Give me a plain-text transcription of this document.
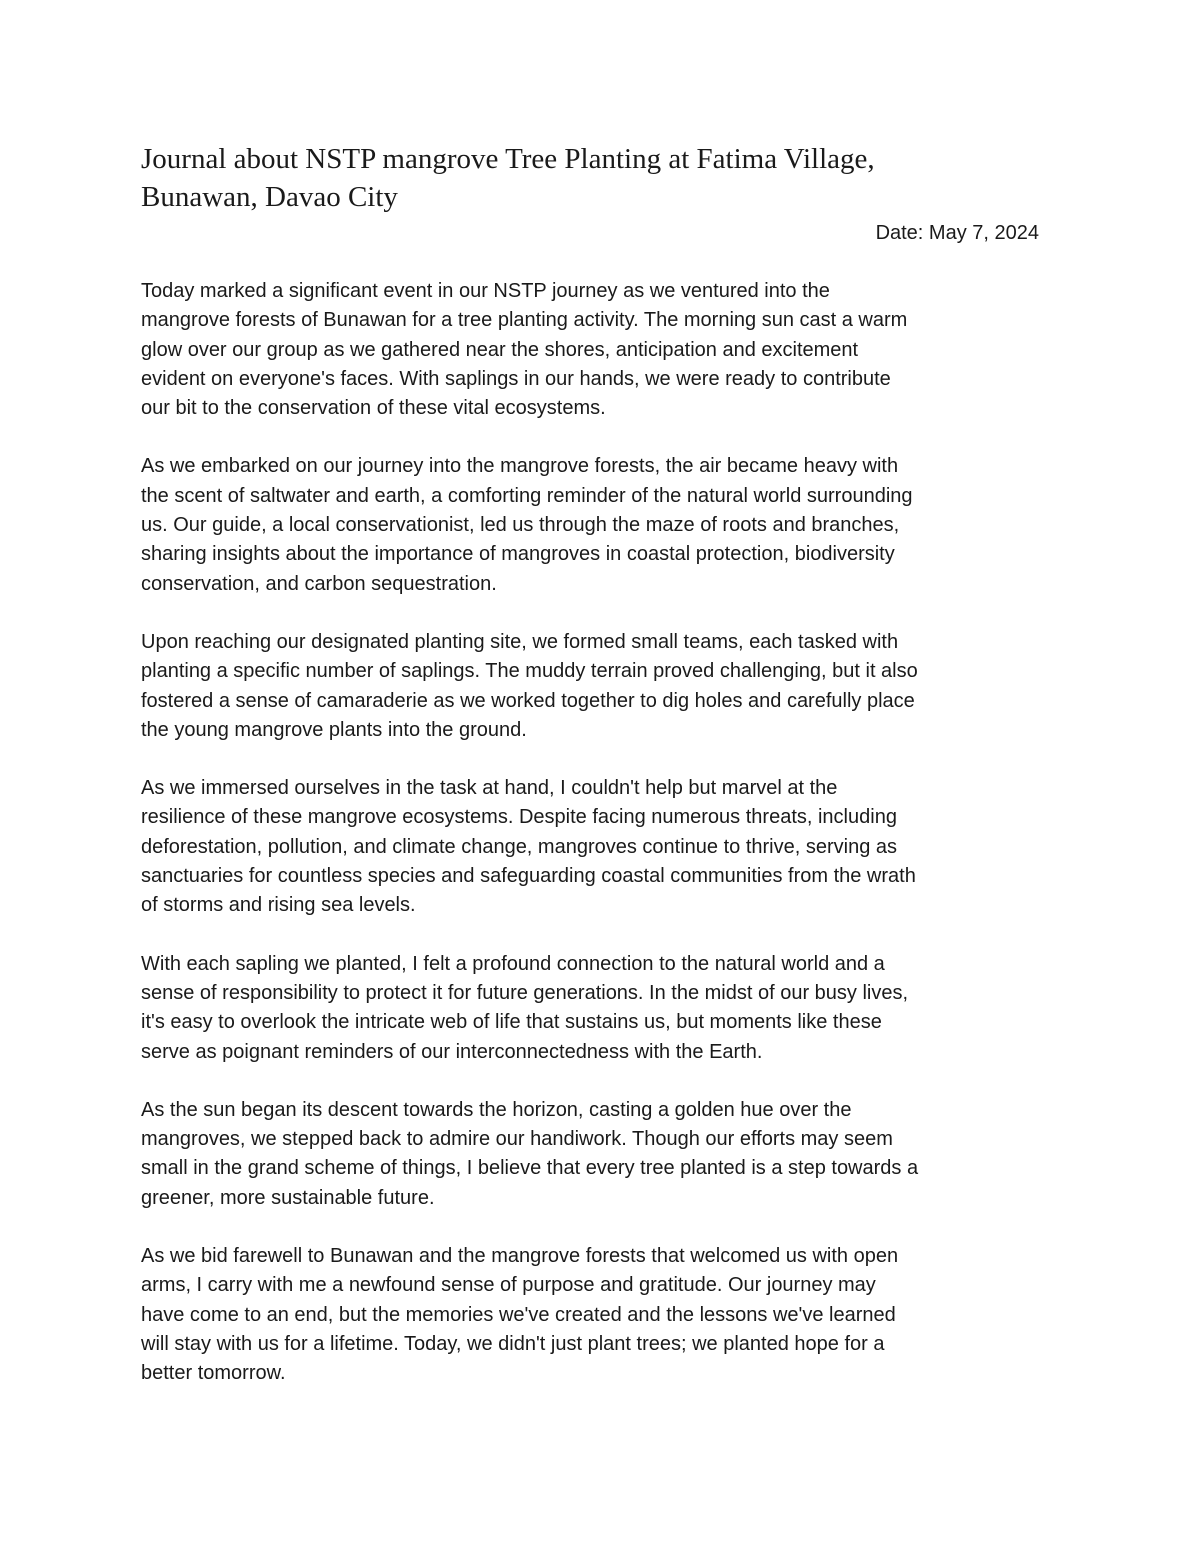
Journal about NSTP mangrove Tree Planting at Fatima Village,
Bunawan, Davao City
Date: May 7, 2024

Today marked a significant event in our NSTP journey as we ventured into the
mangrove forests of Bunawan for a tree planting activity. The morning sun cast a warm
glow over our group as we gathered near the shores, anticipation and excitement
evident on everyone's faces. With saplings in our hands, we were ready to contribute
our bit to the conservation of these vital ecosystems.

As we embarked on our journey into the mangrove forests, the air became heavy with
the scent of saltwater and earth, a comforting reminder of the natural world surrounding
us. Our guide, a local conservationist, led us through the maze of roots and branches,
sharing insights about the importance of mangroves in coastal protection, biodiversity
conservation, and carbon sequestration.

Upon reaching our designated planting site, we formed small teams, each tasked with
planting a specific number of saplings. The muddy terrain proved challenging, but it also
fostered a sense of camaraderie as we worked together to dig holes and carefully place
the young mangrove plants into the ground.

As we immersed ourselves in the task at hand, I couldn't help but marvel at the
resilience of these mangrove ecosystems. Despite facing numerous threats, including
deforestation, pollution, and climate change, mangroves continue to thrive, serving as
sanctuaries for countless species and safeguarding coastal communities from the wrath
of storms and rising sea levels.

With each sapling we planted, I felt a profound connection to the natural world and a
sense of responsibility to protect it for future generations. In the midst of our busy lives,
it's easy to overlook the intricate web of life that sustains us, but moments like these
serve as poignant reminders of our interconnectedness with the Earth.

As the sun began its descent towards the horizon, casting a golden hue over the
mangroves, we stepped back to admire our handiwork. Though our efforts may seem
small in the grand scheme of things, I believe that every tree planted is a step towards a
greener, more sustainable future.

As we bid farewell to Bunawan and the mangrove forests that welcomed us with open
arms, I carry with me a newfound sense of purpose and gratitude. Our journey may
have come to an end, but the memories we've created and the lessons we've learned
will stay with us for a lifetime. Today, we didn't just plant trees; we planted hope for a
better tomorrow.
